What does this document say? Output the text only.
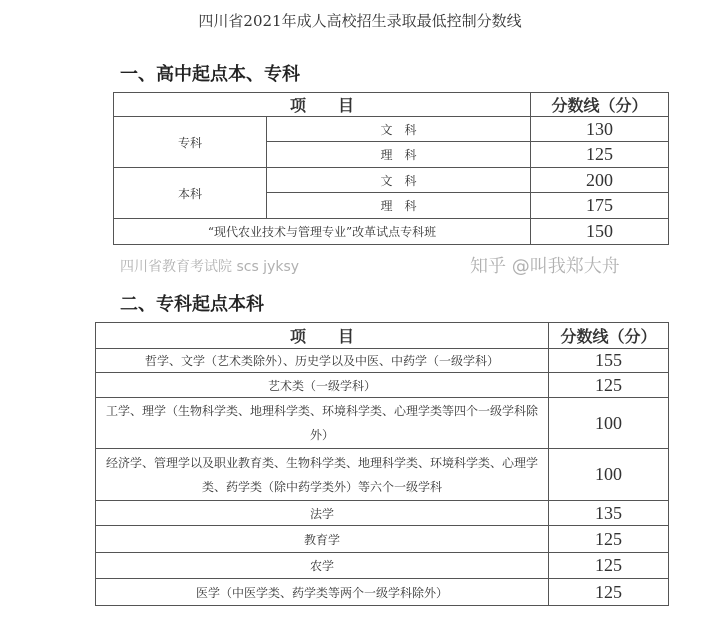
四川省2021年成人高校招生录取最低控制分数线
一、高中起点本、专科
项　　目		分数线（分）
专科	文　科	130
	理　科	125
本科	文　科	200
	理　科	175
“现代农业技术与管理专业”改革试点专科班		150
四川省教育考试院 scs jyksy	知乎 @叫我郑大舟
二、专科起点本科
项　　目	分数线（分）
哲学、文学（艺术类除外）、历史学以及中医、中药学（一级学科）	155
艺术类（一级学科）	125
工学、理学（生物科学类、地理科学类、环境科学类、心理学类等四个一级学科除外）	100
经济学、管理学以及职业教育类、生物科学类、地理科学类、环境科学类、心理学类、药学类（除中药学类外）等六个一级学科	100
法学	135
教育学	125
农学	125
医学（中医学类、药学类等两个一级学科除外）	125
